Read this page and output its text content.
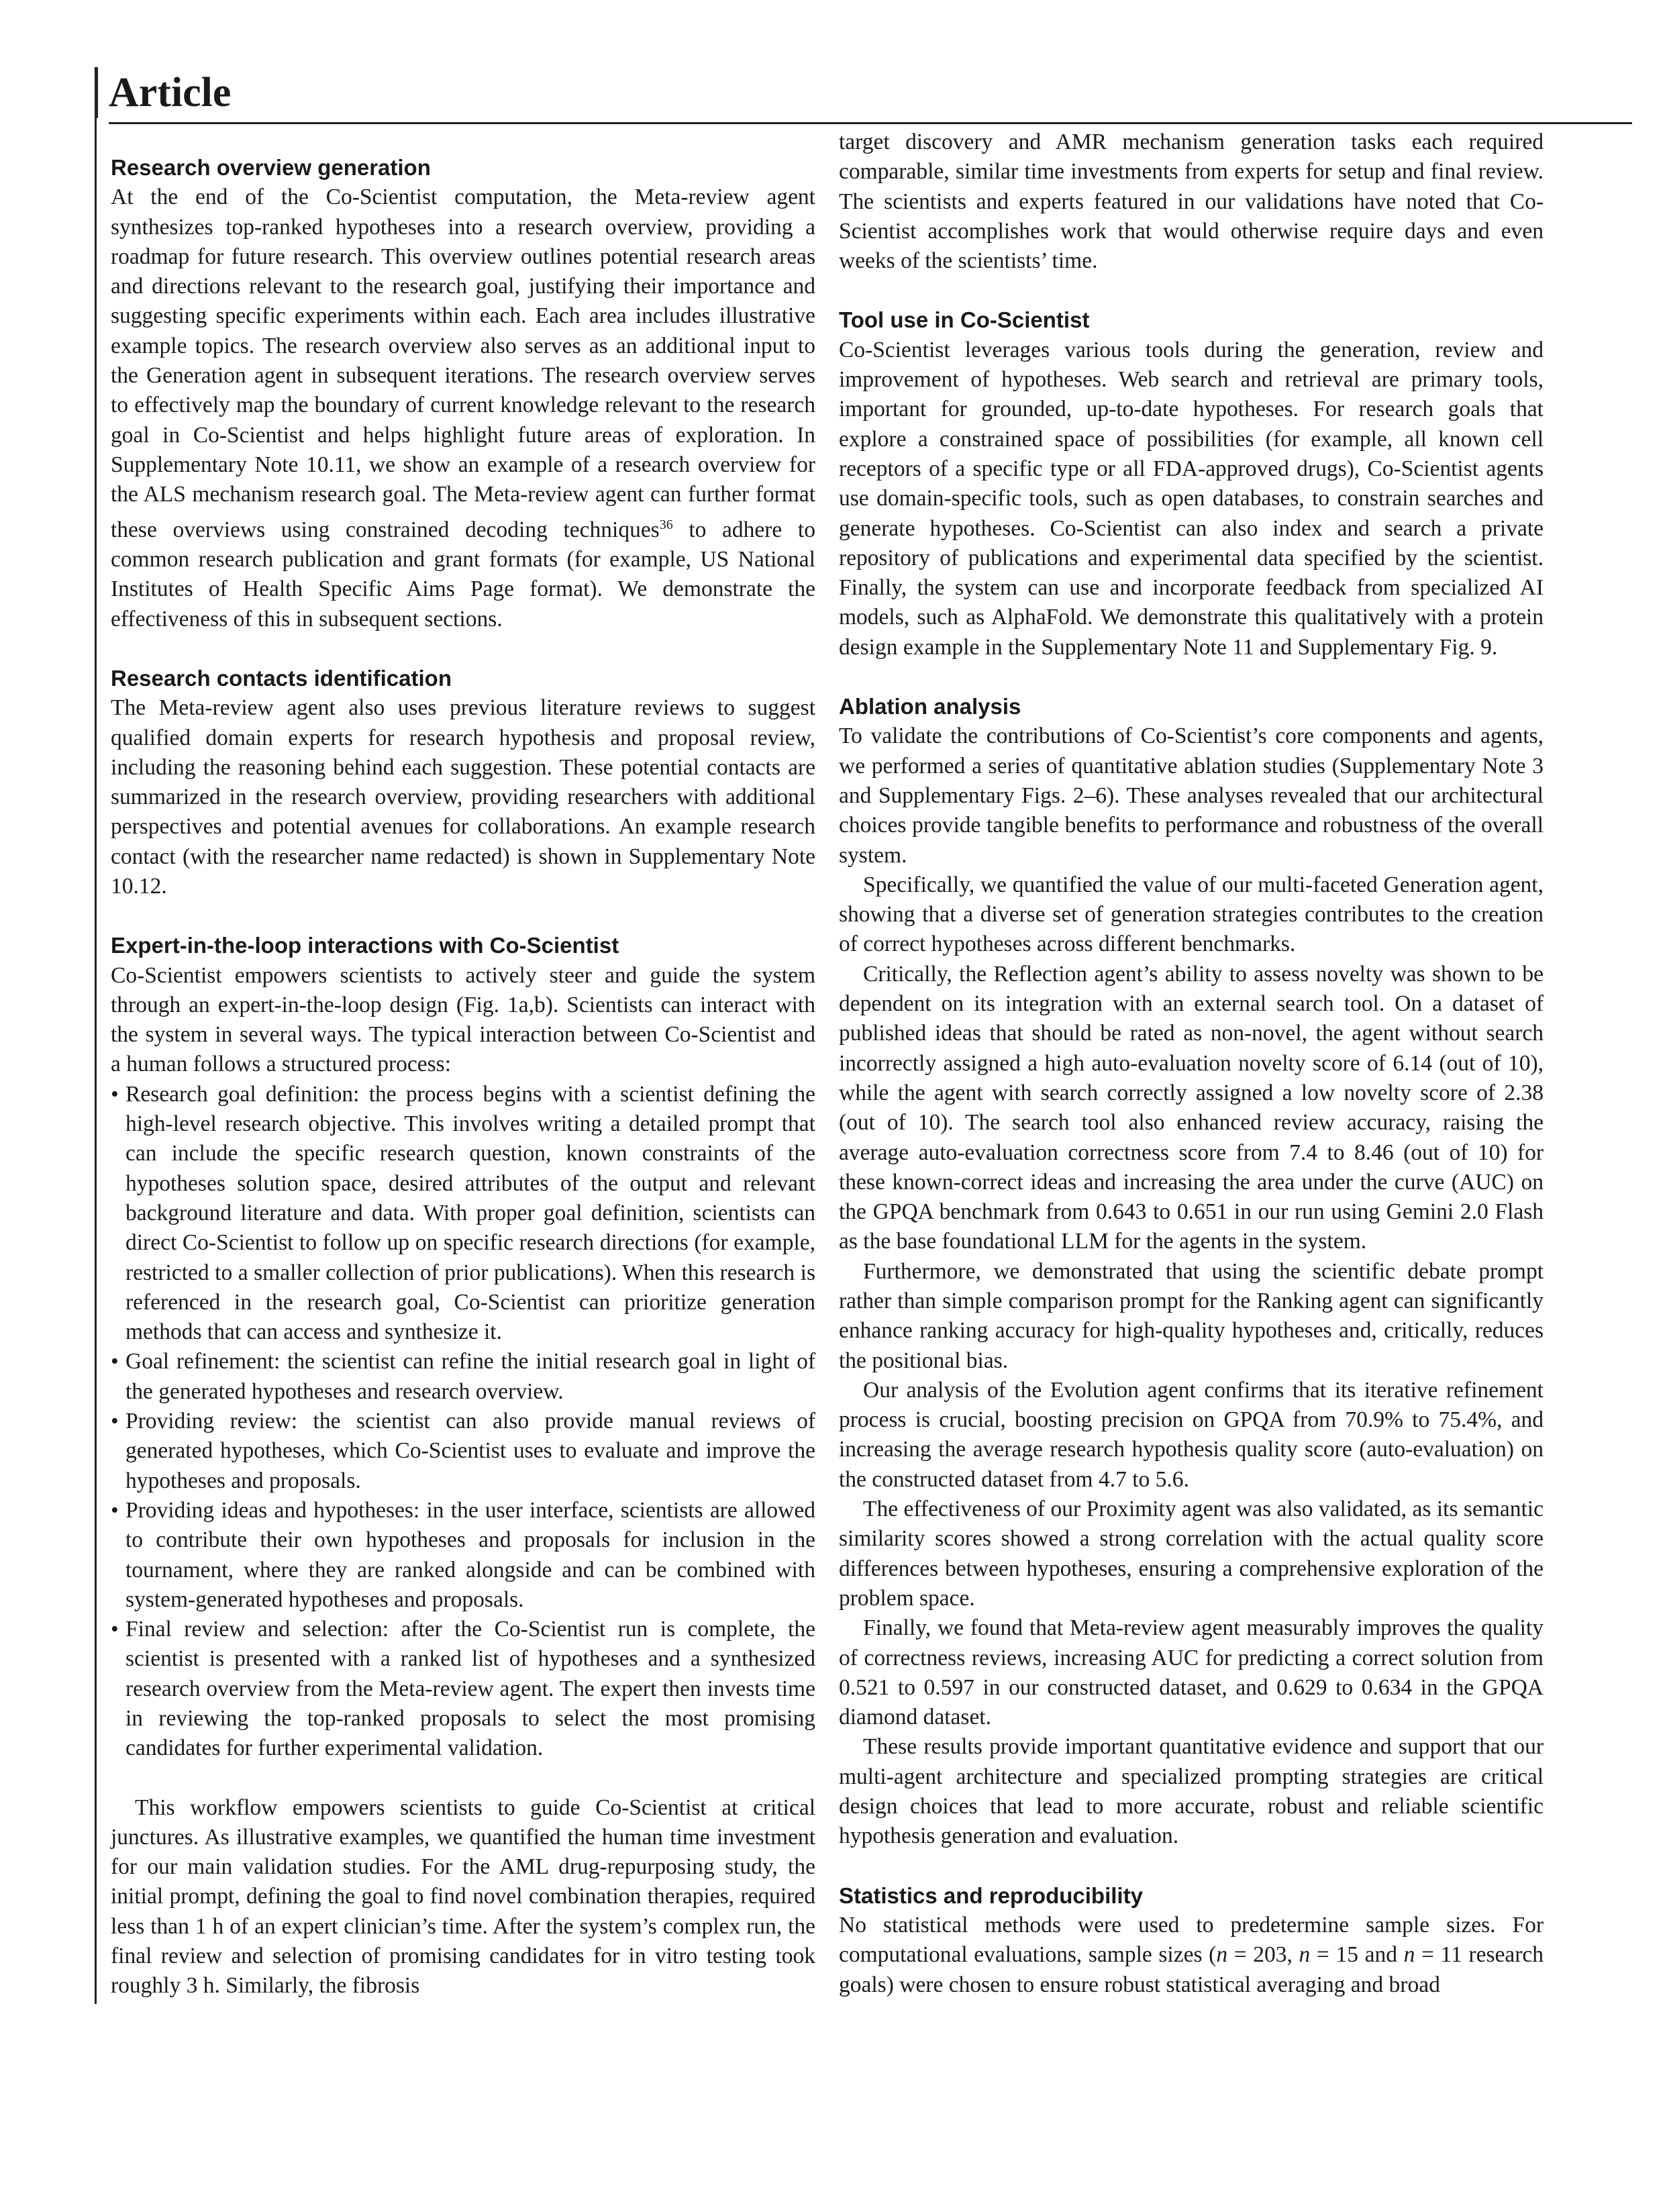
Article
Research overview generation

At the end of the Co-Scientist computation, the Meta-review agent synthesizes top-ranked hypotheses into a research overview, providing a roadmap for future research. This overview outlines potential research areas and directions relevant to the research goal, justifying their importance and suggesting specific experiments within each. Each area includes illustrative example topics. The research overview also serves as an additional input to the Generation agent in subsequent iterations. The research overview serves to effectively map the boundary of current knowledge relevant to the research goal in Co-Scientist and helps highlight future areas of exploration. In Supplementary Note 10.11, we show an example of a research overview for the ALS mechanism research goal. The Meta-review agent can further format these overviews using constrained decoding techniques$^{36}$ to adhere to common research publication and grant formats (for example, US National Institutes of Health Specific Aims Page format). We demonstrate the effectiveness of this in subsequent sections.

Research contacts identification

The Meta-review agent also uses previous literature reviews to suggest qualified domain experts for research hypothesis and proposal review, including the reasoning behind each suggestion. These potential contacts are summarized in the research overview, providing researchers with additional perspectives and potential avenues for collaborations. An example research contact (with the researcher name redacted) is shown in Supplementary Note 10.12.

Expert-in-the-loop interactions with Co-Scientist

Co-Scientist empowers scientists to actively steer and guide the system through an expert-in-the-loop design (Fig. 1a,b). Scientists can interact with the system in several ways. The typical interaction between Co-Scientist and a human follows a structured process:

• Research goal definition: the process begins with a scientist defining the high-level research objective. This involves writing a detailed prompt that can include the specific research question, known constraints of the hypotheses solution space, desired attributes of the output and relevant background literature and data. With proper goal definition, scientists can direct Co-Scientist to follow up on specific research directions (for example, restricted to a smaller collection of prior publications). When this research is referenced in the research goal, Co-Scientist can prioritize generation methods that can access and synthesize it.
• Goal refinement: the scientist can refine the initial research goal in light of the generated hypotheses and research overview.
• Providing review: the scientist can also provide manual reviews of generated hypotheses, which Co-Scientist uses to evaluate and improve the hypotheses and proposals.
• Providing ideas and hypotheses: in the user interface, scientists are allowed to contribute their own hypotheses and proposals for inclusion in the tournament, where they are ranked alongside and can be combined with system-generated hypotheses and proposals.
• Final review and selection: after the Co-Scientist run is complete, the scientist is presented with a ranked list of hypotheses and a synthesized research overview from the Meta-review agent. The expert then invests time in reviewing the top-ranked proposals to select the most promising candidates for further experimental validation.

This workflow empowers scientists to guide Co-Scientist at critical junctures. As illustrative examples, we quantified the human time investment for our main validation studies. For the AML drug-repurposing study, the initial prompt, defining the goal to find novel combination therapies, required less than 1 h of an expert clinician’s time. After the system’s complex run, the final review and selection of promising candidates for in vitro testing took roughly 3 h. Similarly, the fibrosis

target discovery and AMR mechanism generation tasks each required comparable, similar time investments from experts for setup and final review. The scientists and experts featured in our validations have noted that Co-Scientist accomplishes work that would otherwise require days and even weeks of the scientists’ time.

Tool use in Co-Scientist

Co-Scientist leverages various tools during the generation, review and improvement of hypotheses. Web search and retrieval are primary tools, important for grounded, up-to-date hypotheses. For research goals that explore a constrained space of possibilities (for example, all known cell receptors of a specific type or all FDA-approved drugs), Co-Scientist agents use domain-specific tools, such as open databases, to constrain searches and generate hypotheses. Co-Scientist can also index and search a private repository of publications and experimental data specified by the scientist. Finally, the system can use and incorporate feedback from specialized AI models, such as AlphaFold. We demonstrate this qualitatively with a protein design example in the Supplementary Note 11 and Supplementary Fig. 9.

Ablation analysis

To validate the contributions of Co-Scientist’s core components and agents, we performed a series of quantitative ablation studies (Supplementary Note 3 and Supplementary Figs. 2–6). These analyses revealed that our architectural choices provide tangible benefits to performance and robustness of the overall system.

Specifically, we quantified the value of our multi-faceted Generation agent, showing that a diverse set of generation strategies contributes to the creation of correct hypotheses across different benchmarks.

Critically, the Reflection agent’s ability to assess novelty was shown to be dependent on its integration with an external search tool. On a dataset of published ideas that should be rated as non-novel, the agent without search incorrectly assigned a high auto-evaluation novelty score of 6.14 (out of 10), while the agent with search correctly assigned a low novelty score of 2.38 (out of 10). The search tool also enhanced review accuracy, raising the average auto-evaluation correctness score from 7.4 to 8.46 (out of 10) for these known-correct ideas and increasing the area under the curve (AUC) on the GPQA benchmark from 0.643 to 0.651 in our run using Gemini 2.0 Flash as the base foundational LLM for the agents in the system.

Furthermore, we demonstrated that using the scientific debate prompt rather than simple comparison prompt for the Ranking agent can significantly enhance ranking accuracy for high-quality hypotheses and, critically, reduces the positional bias.

Our analysis of the Evolution agent confirms that its iterative refinement process is crucial, boosting precision on GPQA from 70.9% to 75.4%, and increasing the average research hypothesis quality score (auto-evaluation) on the constructed dataset from 4.7 to 5.6.

The effectiveness of our Proximity agent was also validated, as its semantic similarity scores showed a strong correlation with the actual quality score differences between hypotheses, ensuring a comprehensive exploration of the problem space.

Finally, we found that Meta-review agent measurably improves the quality of correctness reviews, increasing AUC for predicting a correct solution from 0.521 to 0.597 in our constructed dataset, and 0.629 to 0.634 in the GPQA diamond dataset.

These results provide important quantitative evidence and support that our multi-agent architecture and specialized prompting strategies are critical design choices that lead to more accurate, robust and reliable scientific hypothesis generation and evaluation.

Statistics and reproducibility

No statistical methods were used to predetermine sample sizes. For computational evaluations, sample sizes (n = 203, n = 15 and n = 11 research goals) were chosen to ensure robust statistical averaging and broad
